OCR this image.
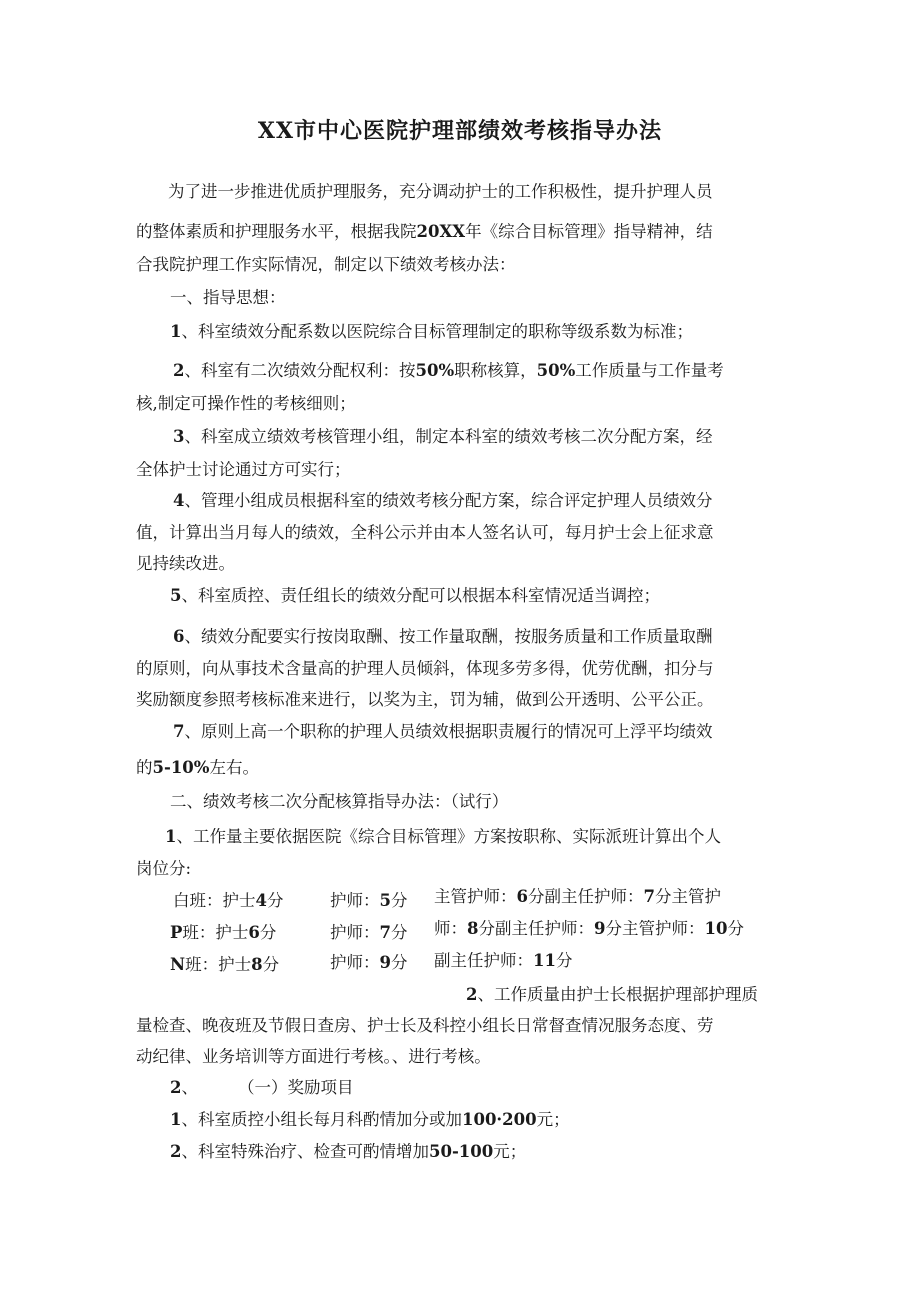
XX市中心医院护理部绩效考核指导办法

为了进一步推进优质护理服务，充分调动护士的工作积极性，提升护理人员

的整体素质和护理服务水平，根据我院20XX年《综合目标管理》指导精神，结

合我院护理工作实际情况，制定以下绩效考核办法：

一、指导思想：

1、科室绩效分配系数以医院综合目标管理制定的职称等级系数为标准；

2、科室有二次绩效分配权利：按50%职称核算，50%工作质量与工作量考

核,制定可操作性的考核细则；

3、科室成立绩效考核管理小组，制定本科室的绩效考核二次分配方案，经

全体护士讨论通过方可实行；

4、管理小组成员根据科室的绩效考核分配方案，综合评定护理人员绩效分

值，计算出当月每人的绩效，全科公示并由本人签名认可，每月护士会上征求意

见持续改进。

5、科室质控、责任组长的绩效分配可以根据本科室情况适当调控；

6、绩效分配要实行按岗取酬、按工作量取酬，按服务质量和工作质量取酬

的原则，向从事技术含量高的护理人员倾斜，体现多劳多得，优劳优酬，扣分与

奖励额度参照考核标准来进行，以奖为主，罚为辅，做到公开透明、公平公正。

7、原则上高一个职称的护理人员绩效根据职责履行的情况可上浮平均绩效

的5-10%左右。

二、绩效考核二次分配核算指导办法：（试行）

1、工作量主要依据医院《综合目标管理》方案按职称、实际派班计算出个人

岗位分:

白班：护士4分	护师：5分 主管护师：6分副主任护师：7分主管护

P班：护士6分	护师：7分 师：8分副主任护师：9分主管护师：10分

N班：护士8分	护师：9分 副主任护师：11分

2、工作质量由护士长根据护理部护理质

量检查、晚夜班及节假日查房、护士长及科控小组长日常督查情况服务态度、劳

动纪律、业务培训等方面进行考核。、进行考核。

2、 （一）奖励项目

1、科室质控小组长每月科酌情加分或加100·200元；

2、科室特殊治疗、检查可酌情增加50-100元；
